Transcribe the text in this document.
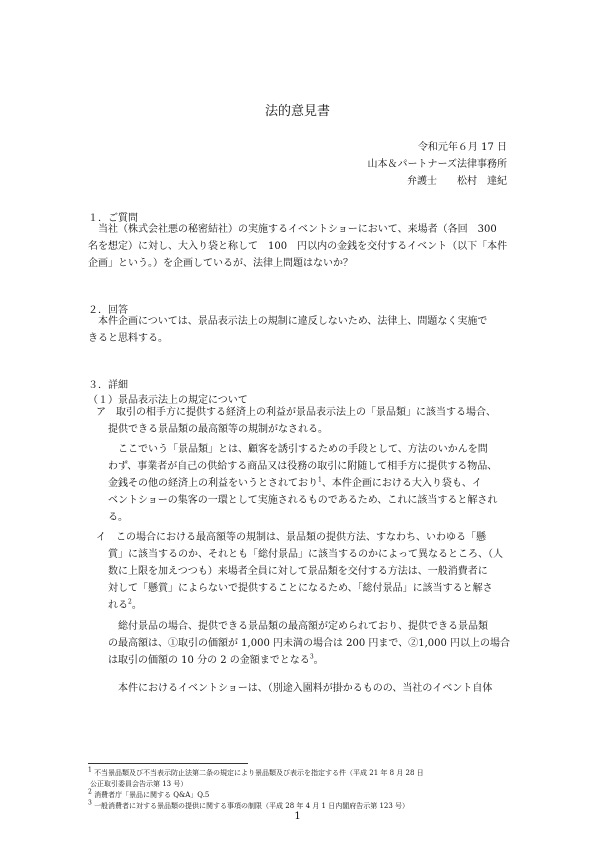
法的意見書
令和元年６月 17 日
山本＆パートナーズ法律事務所
弁護士　　松村　達紀
１．ご質問
当社（株式会社悪の秘密結社）の実施するイベントショーにおいて、来場者（各回　300
名を想定）に対し、大入り袋と称して　100　円以内の金銭を交付するイベント（以下「本件
企画」という。）を企画しているが、法律上問題はないか？
２．回答
本件企画については、景品表示法上の規制に違反しないため、法律上、問題なく実施で
きると思料する。
３．詳細
（１）景品表示法上の規定について
ア　取引の相手方に提供する経済上の利益が景品表示法上の「景品類」に該当する場合、
提供できる景品類の最高額等の規制がなされる。
ここでいう「景品類」とは、顧客を誘引するための手段として、方法のいかんを問
わず、事業者が自己の供給する商品又は役務の取引に附随して相手方に提供する物品、
金銭その他の経済上の利益をいうとされており$^1$、本件企画における大入り袋も、イ
ベントショーの集客の一環として実施されるものであるため、これに該当すると解され
る。
イ　この場合における最高額等の規制は、景品類の提供方法、すなわち、いわゆる「懸
賞」に該当するのか、それとも「総付景品」に該当するのかによって異なるところ、（人
数に上限を加えつつも）来場者全員に対して景品類を交付する方法は、一般消費者に
対して「懸賞」によらないで提供することになるため、「総付景品」に該当すると解さ
れる$^2$。
総付景品の場合、提供できる景品類の最高額が定められており、提供できる景品類
の最高額は、①取引の価額が 1,000 円未満の場合は 200 円まで、②1,000 円以上の場合
は取引の価額の 10 分の 2 の金額までとなる$^3$。
本件におけるイベントショーは、（別途入園料が掛かるものの、当社のイベント自体
$^1$ 不当景品類及び不当表示防止法第二条の規定により景品類及び表示を指定する件（平成 21 年 8 月 28 日
公正取引委員会告示第 13 号）
$^2$ 消費者庁「景品に関する Q&A」Q.5
$^3$ 一般消費者に対する景品類の提供に関する事項の制限（平成 28 年 4 月 1 日内閣府告示第 123 号）
1
